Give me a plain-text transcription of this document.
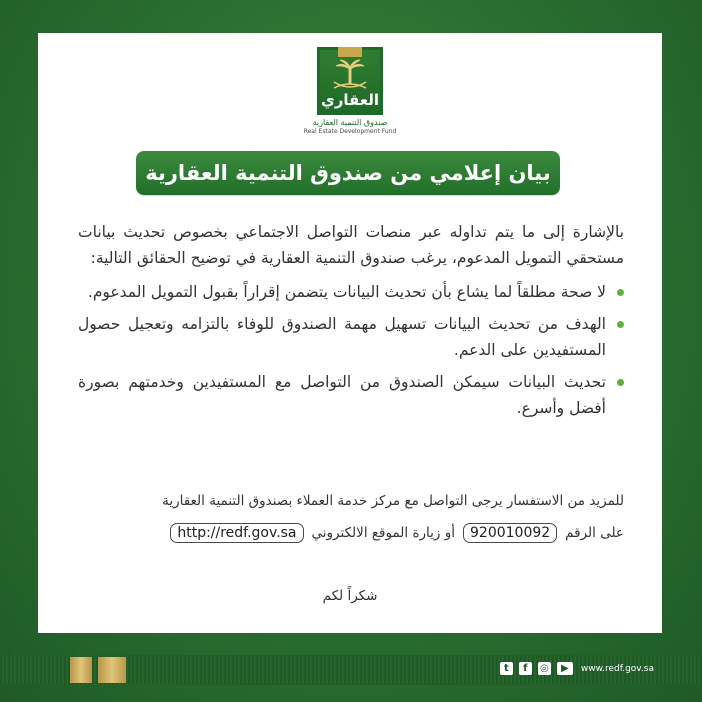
العقاري
صندوق التنمية العقارية
Real Estate Development Fund
بيان إعلامي من صندوق التنمية العقارية

بالإشارة إلى ما يتم تداوله عبر منصات التواصل الاجتماعي بخصوص تحديث بيانات مستحقي التمويل المدعوم، يرغب صندوق التنمية العقارية في توضيح الحقائق التالية:

لا صحة مطلقاً لما يشاع بأن تحديث البيانات يتضمن إقراراً بقبول التمويل المدعوم.
الهدف من تحديث البيانات تسهيل مهمة الصندوق للوفاء بالتزامه وتعجيل حصول المستفيدين على الدعم.
تحديث البيانات سيمكن الصندوق من التواصل مع المستفيدين وخدمتهم بصورة أفضل وأسرع.
للمزيد من الاستفسار يرجى التواصل مع مركز خدمة العملاء بصندوق التنمية العقارية
على الرقم
920010092
أو زيارة الموقع الالكتروني
http://redf.gov.sa
شكراً لكم
t	f	◎	▶	www.redf.gov.sa
